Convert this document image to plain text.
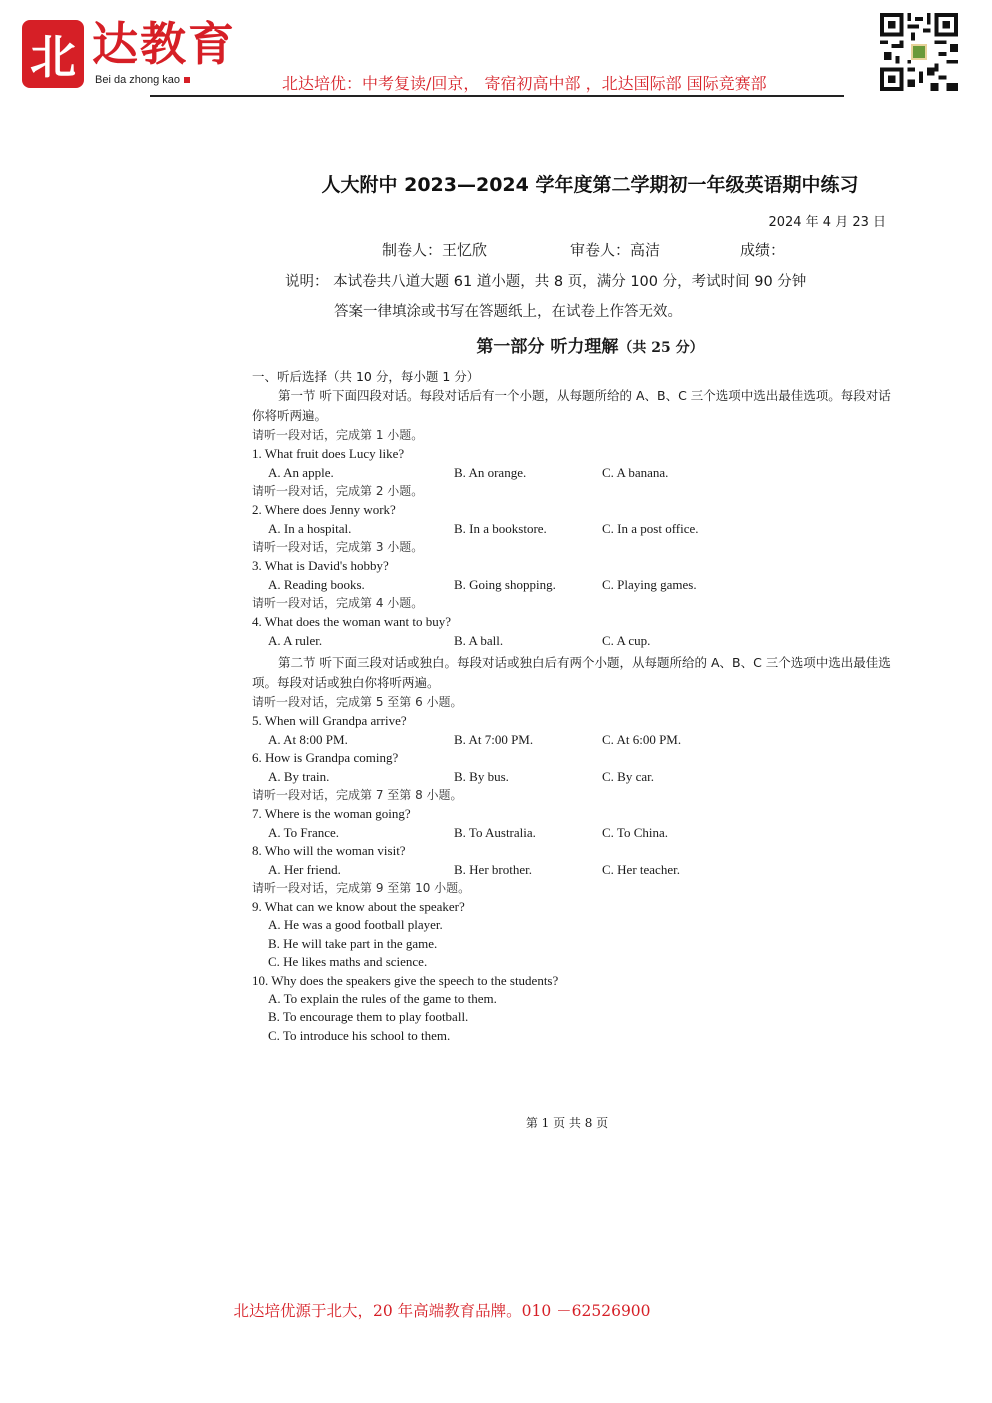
北 达教育
Bei da zhong kao	北达培优：中考复读/回京， 寄宿初高中部 ，北达国际部 国际竞赛部
人大附中 2023—2024 学年度第二学期初一年级英语期中练习
2024 年 4 月 23 日
制卷人：王忆欣	审卷人：高洁	成绩：
说明： 本试卷共八道大题 61 道小题，共 8 页，满分 100 分，考试时间 90 分钟
答案一律填涂或书写在答题纸上，在试卷上作答无效。
第一部分 听力理解（共 25 分）
一、听后选择（共 10 分，每小题 1 分）
第一节 听下面四段对话。每段对话后有一个小题，从每题所给的 A、B、C 三个选项中选出最佳选项。每段对话你将听两遍。
请听一段对话，完成第 1 小题。
1. What fruit does Lucy like?
A. An apple.	B. An orange.	C. A banana.
请听一段对话，完成第 2 小题。
2. Where does Jenny work?
A. In a hospital.	B. In a bookstore.	C. In a post office.
请听一段对话，完成第 3 小题。
3. What is David's hobby?
A. Reading books.	B. Going shopping.	C. Playing games.
请听一段对话，完成第 4 小题。
4. What does the woman want to buy?
A. A ruler.	B. A ball.	C. A cup.
第二节 听下面三段对话或独白。每段对话或独白后有两个小题，从每题所给的 A、B、C 三个选项中选出最佳选项。每段对话或独白你将听两遍。
请听一段对话，完成第 5 至第 6 小题。
5. When will Grandpa arrive?
A. At 8:00 PM.	B. At 7:00 PM.	C. At 6:00 PM.
6. How is Grandpa coming?
A. By train.	B. By bus.	C. By car.
请听一段对话，完成第 7 至第 8 小题。
7. Where is the woman going?
A. To France.	B. To Australia.	C. To China.
8. Who will the woman visit?
A. Her friend.	B. Her brother.	C. Her teacher.
请听一段对话，完成第 9 至第 10 小题。
9. What can we know about the speaker?
A. He was a good football player.
B. He will take part in the game.
C. He likes maths and science.
10. Why does the speakers give the speech to the students?
A. To explain the rules of the game to them.
B. To encourage them to play football.
C. To introduce his school to them.
第 1 页 共 8 页
北达培优源于北大，20 年高端教育品牌。010 －62526900
